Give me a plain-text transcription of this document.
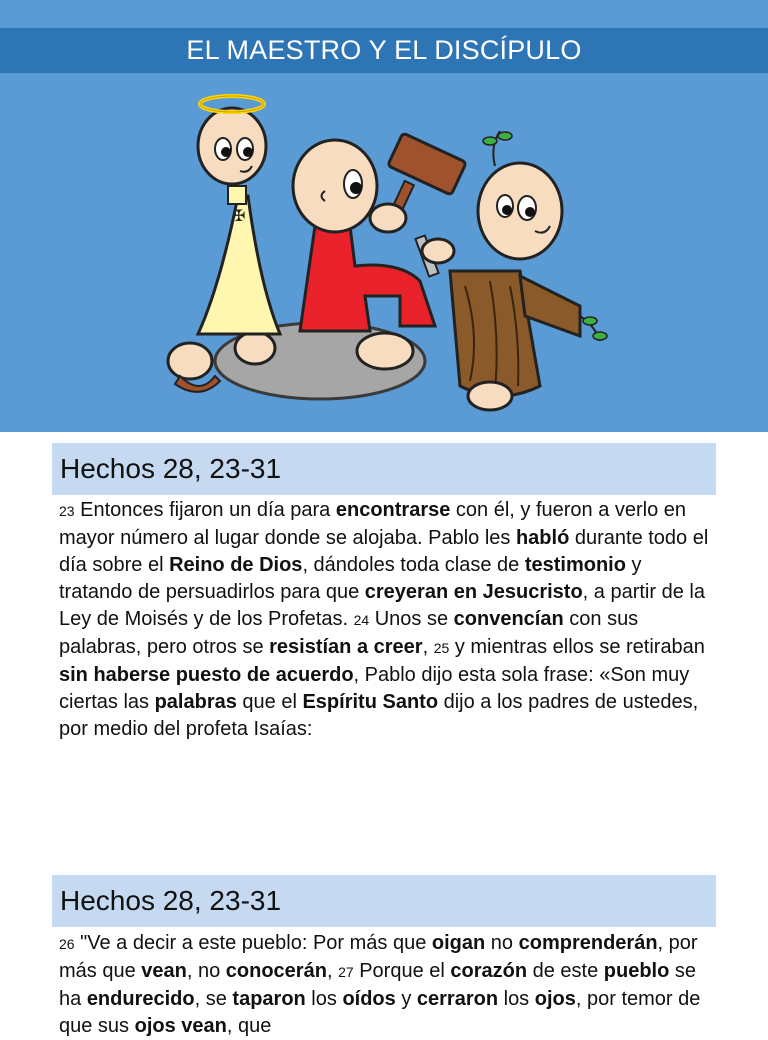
EL MAESTRO Y EL DISCÍPULO
✠
Hechos 28, 23-31
23 Entonces fijaron un día para encontrarse con él, y fueron a verlo en mayor número al lugar donde se alojaba. Pablo les habló durante todo el día sobre el Reino de Dios, dándoles toda clase de testimonio y tratando de persuadirlos para que creyeran en Jesucristo, a partir de la Ley de Moisés y de los Profetas. 24 Unos se convencían con sus palabras, pero otros se resistían a creer, 25 y mientras ellos se retiraban sin haberse puesto de acuerdo, Pablo dijo esta sola frase: «Son muy ciertas las palabras que el Espíritu Santo dijo a los padres de ustedes, por medio del profeta Isaías:
Hechos 28, 23-31
26 "Ve a decir a este pueblo: Por más que oigan no comprenderán, por más que vean, no conocerán, 27 Porque el corazón de este pueblo se ha endurecido, se taparon los oídos y cerraron los ojos, por temor de que sus ojos vean, que
